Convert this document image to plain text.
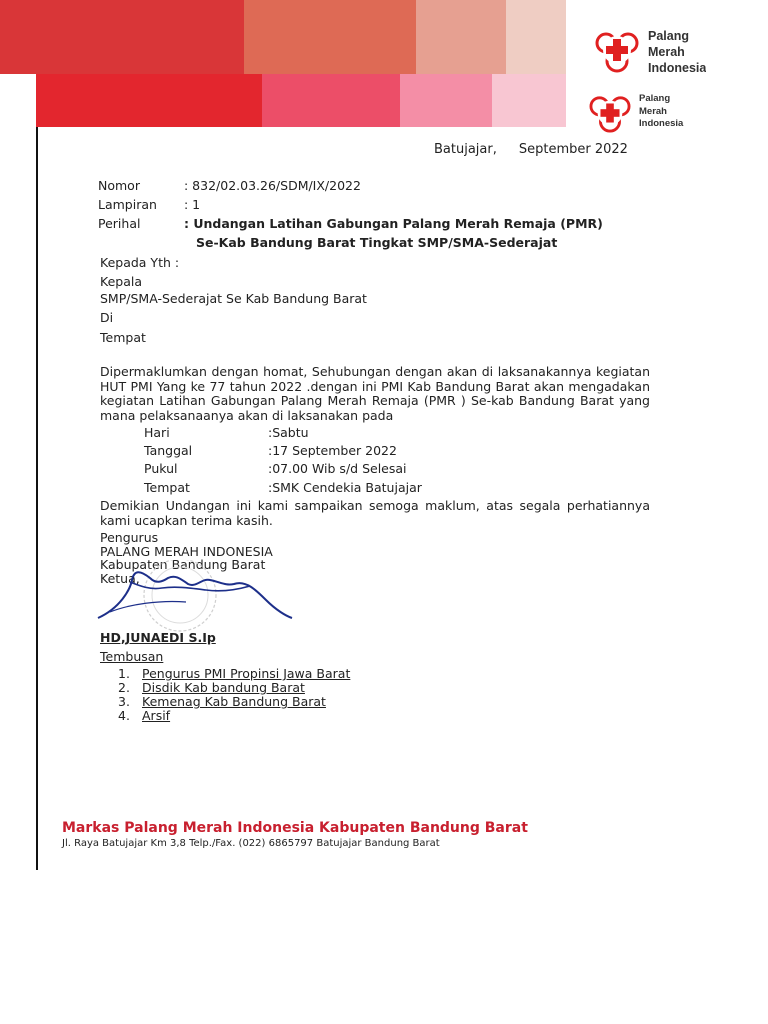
Palang
Merah
Indonesia
Palang
Merah
Indonesia
Batujajar, September 2022
Nomor	: 832/02.03.26/SDM/IX/2022
Lampiran : 1
Perihal	: Undangan Latihan Gabungan Palang Merah Remaja (PMR)
Se-Kab Bandung Barat Tingkat SMP/SMA-Sederajat
Kepada Yth :
Kepala
SMP/SMA-Sederajat Se Kab Bandung Barat
Di
Tempat
Dipermaklumkan dengan homat, Sehubungan dengan akan di laksanakannya kegiatan HUT PMI Yang ke 77 tahun 2022 .dengan ini PMI Kab Bandung Barat akan mengadakan kegiatan Latihan Gabungan Palang Merah Remaja (PMR ) Se-kab Bandung Barat yang mana pelaksanaanya akan di laksanakan pada
Hari	:Sabtu
Tanggal	:17 September 2022
Pukul	:07.00 Wib s/d Selesai
Tempat	:SMK Cendekia Batujajar
Demikian Undangan ini kami sampaikan semoga maklum, atas segala perhatiannya kami ucapkan terima kasih.
Pengurus
PALANG MERAH INDONESIA
Kabupaten Bandung Barat
Ketua,
HD,JUNAEDI S.Ip
Tembusan
1. Pengurus PMI Propinsi Jawa Barat
2. Disdik Kab bandung Barat
3. Kemenag Kab Bandung Barat
4. Arsif
Markas Palang Merah Indonesia Kabupaten Bandung Barat
Jl. Raya Batujajar Km 3,8 Telp./Fax. (022) 6865797 Batujajar Bandung Barat
